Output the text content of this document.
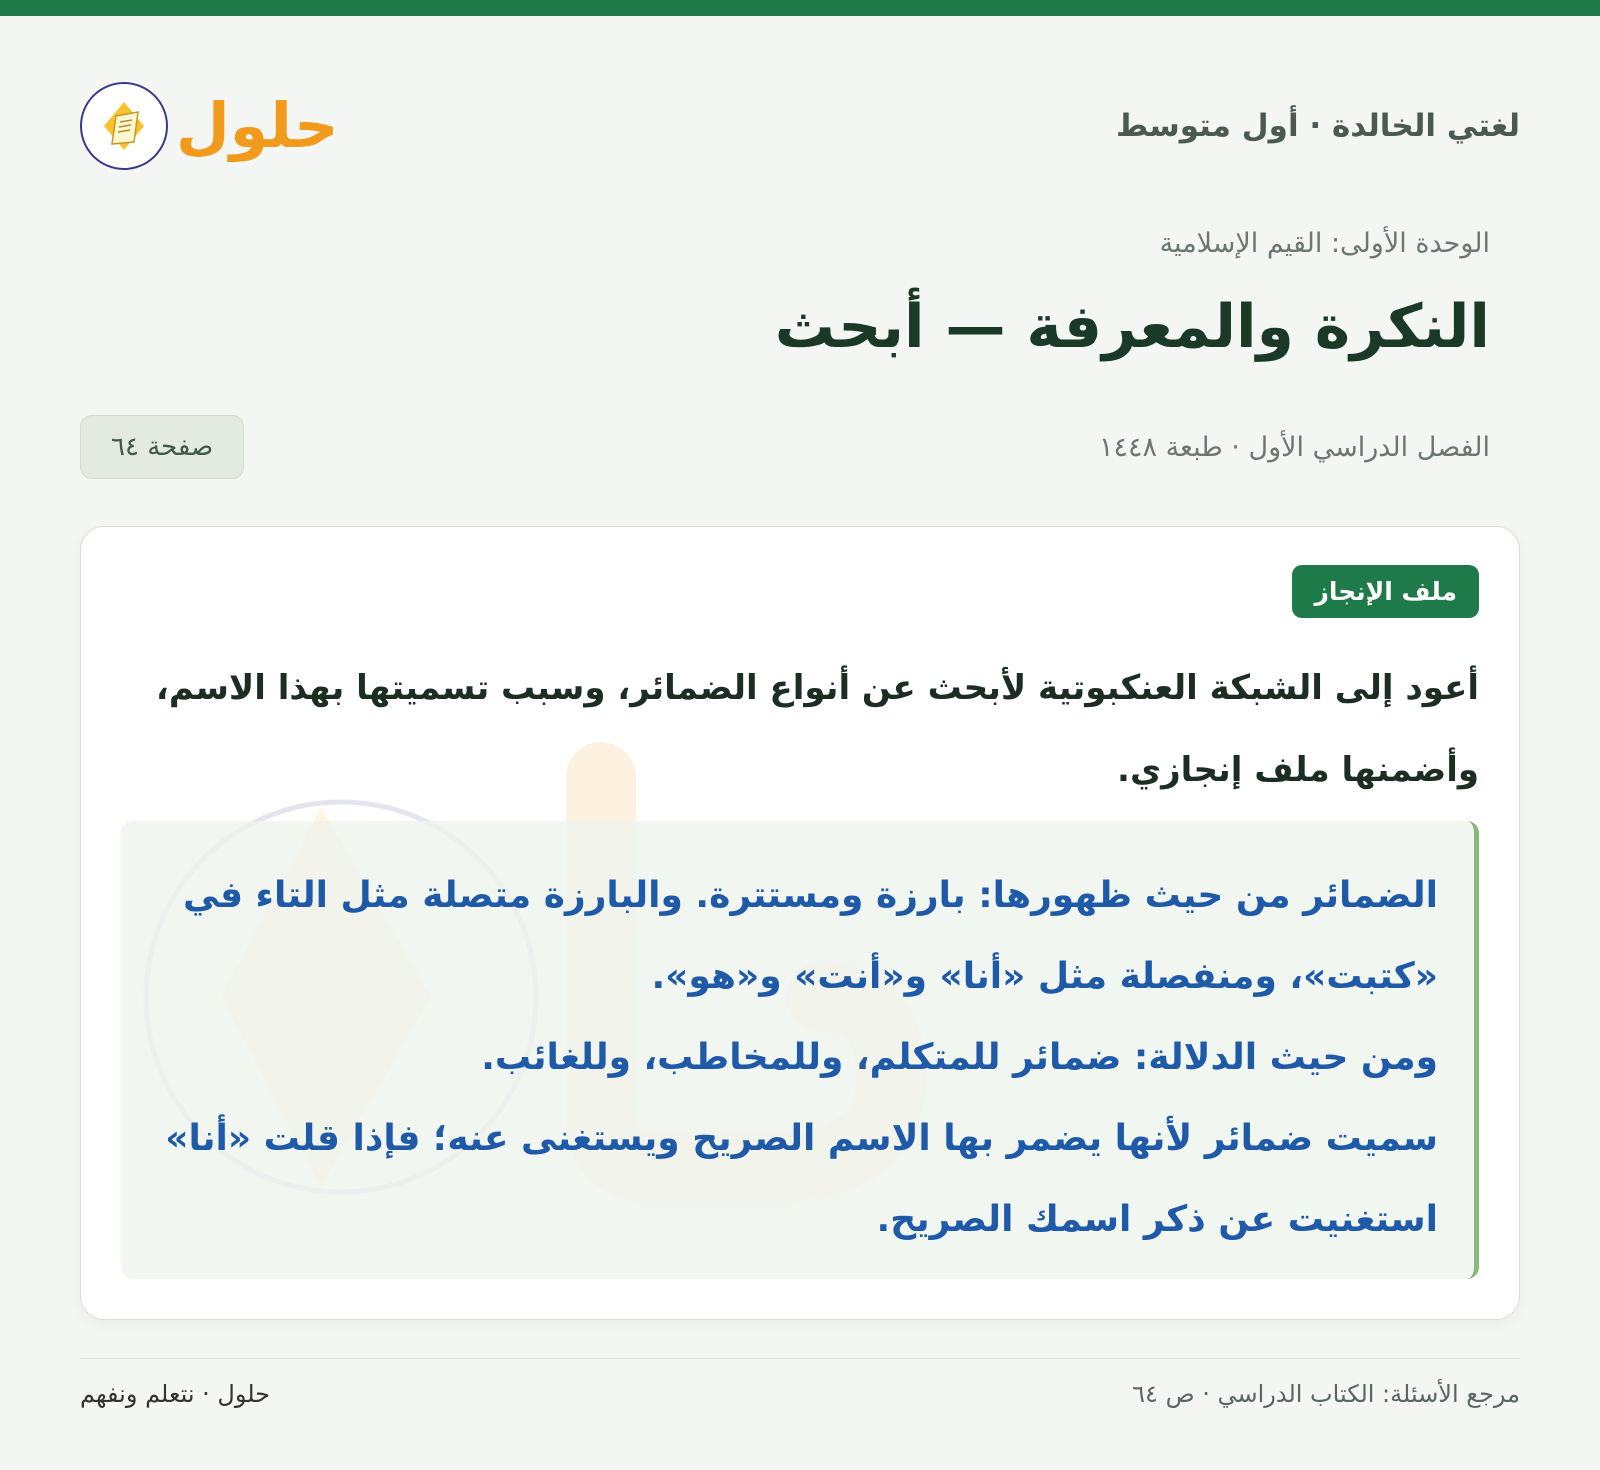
لغتي الخالدة · أول متوسط
حلول
الوحدة الأولى: القيم الإسلامية
النكرة والمعرفة — أبحث
الفصل الدراسي الأول · طبعة ١٤٤٨
صفحة ٦٤
ملف الإنجاز

أعود إلى الشبكة العنكبوتية لأبحث عن أنواع الضمائر، وسبب تسميتها بهذا الاسم، وأضمنها ملف إنجازي.

الضمائر من حيث ظهورها: بارزة ومستترة. والبارزة متصلة مثل التاء في «كتبت»، ومنفصلة مثل «أنا» و«أنت» و«هو».

ومن حيث الدلالة: ضمائر للمتكلم، وللمخاطب، وللغائب.

سميت ضمائر لأنها يضمر بها الاسم الصريح ويستغنى عنه؛ فإذا قلت «أنا» استغنيت عن ذكر اسمك الصريح.

مرجع الأسئلة: الكتاب الدراسي · ص ٦٤
حلول · نتعلم ونفهم
